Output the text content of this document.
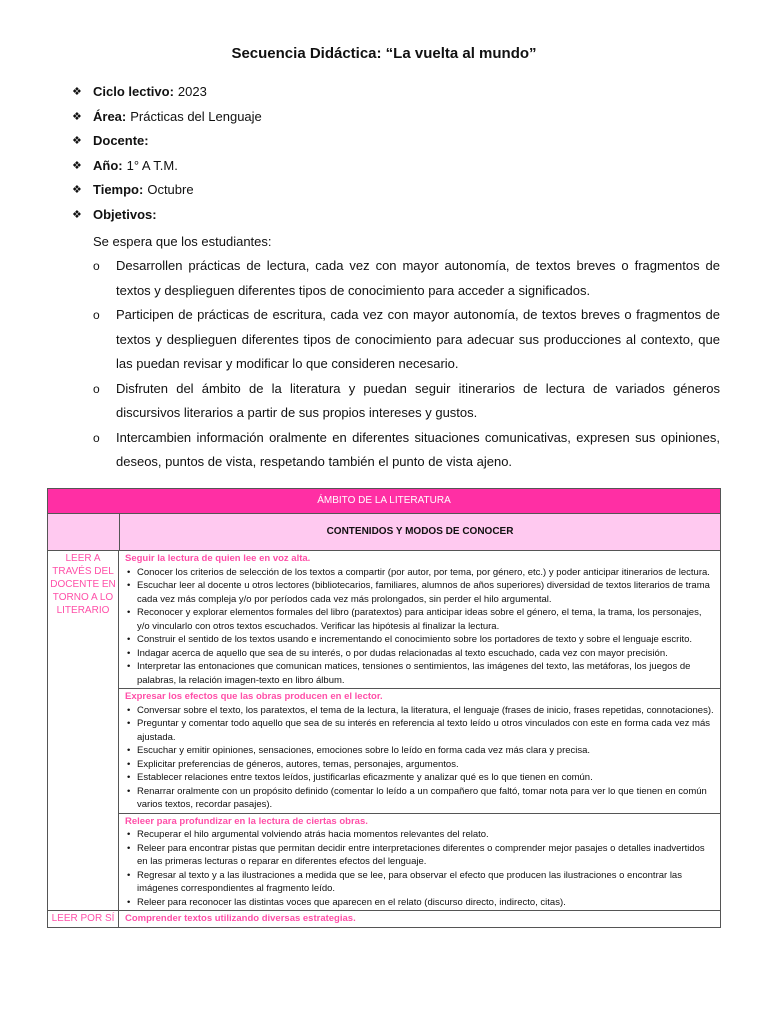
Secuencia Didáctica: “La vuelta al mundo”
❖ Ciclo lectivo: 2023
❖ Área: Prácticas del Lenguaje
❖ Docente:
❖ Año: 1° A T.M.
❖ Tiempo: Octubre
❖ Objetivos:
Se espera que los estudiantes:
o Desarrollen prácticas de lectura, cada vez con mayor autonomía, de textos breves o fragmentos de textos y desplieguen diferentes tipos de conocimiento para acceder a significados.
o Participen de prácticas de escritura, cada vez con mayor autonomía, de textos breves o fragmentos de textos y desplieguen diferentes tipos de conocimiento para adecuar sus producciones al contexto, que las puedan revisar y modificar lo que consideren necesario.
o Disfruten del ámbito de la literatura y puedan seguir itinerarios de lectura de variados géneros discursivos literarios a partir de sus propios intereses y gustos.
o Intercambien información oralmente en diferentes situaciones comunicativas, expresen sus opiniones, deseos, puntos de vista, respetando también el punto de vista ajeno.
ÁMBITO DE LA LITERATURA
CONTENIDOS Y MODOS DE CONOCER
LEER A TRAVÉS DEL DOCENTE EN TORNO A LO LITERARIO
Seguir la lectura de quien lee en voz alta.
• Conocer los criterios de selección de los textos a compartir (por autor, por tema, por género, etc.) y poder anticipar itinerarios de lectura.
• Escuchar leer al docente u otros lectores (bibliotecarios, familiares, alumnos de años superiores) diversidad de textos literarios de trama cada vez más compleja y/o por períodos cada vez más prolongados, sin perder el hilo argumental.
• Reconocer y explorar elementos formales del libro (paratextos) para anticipar ideas sobre el género, el tema, la trama, los personajes, y/o vincularlo con otros textos escuchados. Verificar las hipótesis al finalizar la lectura.
• Construir el sentido de los textos usando e incrementando el conocimiento sobre los portadores de texto y sobre el lenguaje escrito.
• Indagar acerca de aquello que sea de su interés, o por dudas relacionadas al texto escuchado, cada vez con mayor precisión.
• Interpretar las entonaciones que comunican matices, tensiones o sentimientos, las imágenes del texto, las metáforas, los juegos de palabras, la relación imagen-texto en libro álbum.
Expresar los efectos que las obras producen en el lector.
• Conversar sobre el texto, los paratextos, el tema de la lectura, la literatura, el lenguaje (frases de inicio, frases repetidas, connotaciones).
• Preguntar y comentar todo aquello que sea de su interés en referencia al texto leído u otros vinculados con este en forma cada vez más ajustada.
• Escuchar y emitir opiniones, sensaciones, emociones sobre lo leído en forma cada vez más clara y precisa.
• Explicitar preferencias de géneros, autores, temas, personajes, argumentos.
• Establecer relaciones entre textos leídos, justificarlas eficazmente y analizar qué es lo que tienen en común.
• Renarrar oralmente con un propósito definido (comentar lo leído a un compañero que faltó, tomar nota para ver lo que tienen en común varios textos, recordar pasajes).
Releer para profundizar en la lectura de ciertas obras.
• Recuperar el hilo argumental volviendo atrás hacia momentos relevantes del relato.
• Releer para encontrar pistas que permitan decidir entre interpretaciones diferentes o comprender mejor pasajes o detalles inadvertidos en las primeras lecturas o reparar en diferentes efectos del lenguaje.
• Regresar al texto y a las ilustraciones a medida que se lee, para observar el efecto que producen las ilustraciones o encontrar las imágenes correspondientes al fragmento leído.
• Releer para reconocer las distintas voces que aparecen en el relato (discurso directo, indirecto, citas).
LEER POR SÍ	Comprender textos utilizando diversas estrategias.
